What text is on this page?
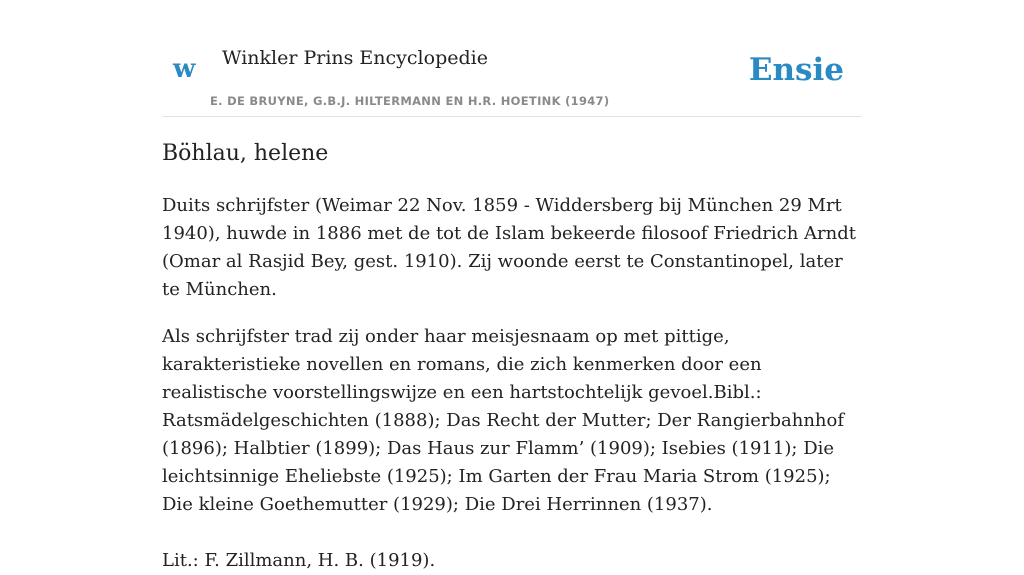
w Winkler Prins Encyclopedie
E. DE BRUYNE, G.B.J. HILTERMANN EN H.R. HOETINK (1947)
Ensie
Böhlau, helene

Duits schrijfster (Weimar 22 Nov. 1859 - Widdersberg bij München 29 Mrt 1940), huwde in 1886 met de tot de Islam bekeerde filosoof Friedrich Arndt (Omar al Rasjid Bey, gest. 1910). Zij woonde eerst te Constantinopel, later te München.

Als schrijfster trad zij onder haar meisjesnaam op met pittige, karakteristieke novellen en romans, die zich kenmerken door een realistische voorstellingswijze en een hartstochtelijk gevoel.Bibl.: Ratsmädelgeschichten (1888); Das Recht der Mutter; Der Rangierbahnhof (1896); Halbtier (1899); Das Haus zur Flamm’ (1909); Isebies (1911); Die leichtsinnige Eheliebste (1925); Im Garten der Frau Maria Strom (1925); Die kleine Goethemutter (1929); Die Drei Herrinnen (1937).

Lit.: F. Zillmann, H. B. (1919).
